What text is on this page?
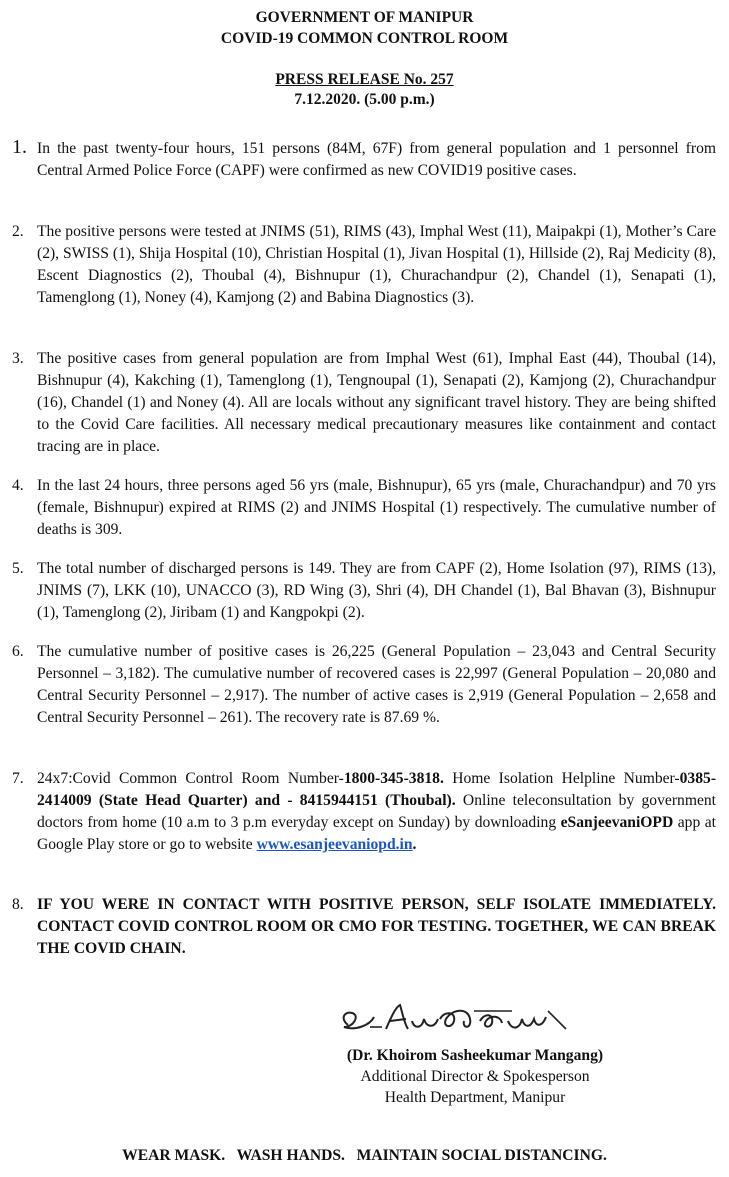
GOVERNMENT OF MANIPUR
COVID-19 COMMON CONTROL ROOM
PRESS RELEASE No. 257
7.12.2020. (5.00 p.m.)
1. In the past twenty-four hours, 151 persons (84M, 67F) from general population and 1 personnel from Central Armed Police Force (CAPF) were confirmed as new COVID19 positive cases.
2. The positive persons were tested at JNIMS (51), RIMS (43), Imphal West (11), Maipakpi (1), Mother’s Care (2), SWISS (1), Shija Hospital (10), Christian Hospital (1), Jivan Hospital (1), Hillside (2), Raj Medicity (8), Escent Diagnostics (2), Thoubal (4), Bishnupur (1), Churachandpur (2), Chandel (1), Senapati (1), Tamenglong (1), Noney (4), Kamjong (2) and Babina Diagnostics (3).
3. The positive cases from general population are from Imphal West (61), Imphal East (44), Thoubal (14), Bishnupur (4), Kakching (1), Tamenglong (1), Tengnoupal (1), Senapati (2), Kamjong (2), Churachandpur (16), Chandel (1) and Noney (4). All are locals without any significant travel history. They are being shifted to the Covid Care facilities. All necessary medical precautionary measures like containment and contact tracing are in place.
4. In the last 24 hours, three persons aged 56 yrs (male, Bishnupur), 65 yrs (male, Churachandpur) and 70 yrs (female, Bishnupur) expired at RIMS (2) and JNIMS Hospital (1) respectively. The cumulative number of deaths is 309.
5. The total number of discharged persons is 149. They are from CAPF (2), Home Isolation (97), RIMS (13), JNIMS (7), LKK (10), UNACCO (3), RD Wing (3), Shri (4), DH Chandel (1), Bal Bhavan (3), Bishnupur (1), Tamenglong (2), Jiribam (1) and Kangpokpi (2).
6. The cumulative number of positive cases is 26,225 (General Population – 23,043 and Central Security Personnel – 3,182). The cumulative number of recovered cases is 22,997 (General Population – 20,080 and Central Security Personnel – 2,917). The number of active cases is 2,919 (General Population – 2,658 and Central Security Personnel – 261). The recovery rate is 87.69 %.
7. 24x7:Covid Common Control Room Number-1800-345-3818. Home Isolation Helpline Number-0385-2414009 (State Head Quarter) and - 8415944151 (Thoubal). Online teleconsultation by government doctors from home (10 a.m to 3 p.m everyday except on Sunday) by downloading eSanjeevaniOPD app at Google Play store or go to website www.esanjeevaniopd.in.
8. IF YOU WERE IN CONTACT WITH POSITIVE PERSON, SELF ISOLATE IMMEDIATELY. CONTACT COVID CONTROL ROOM OR CMO FOR TESTING. TOGETHER, WE CAN BREAK THE COVID CHAIN.
(Dr. Khoirom Sasheekumar Mangang)
Additional Director & Spokesperson
Health Department, Manipur
WEAR MASK.   WASH HANDS.   MAINTAIN SOCIAL DISTANCING.
